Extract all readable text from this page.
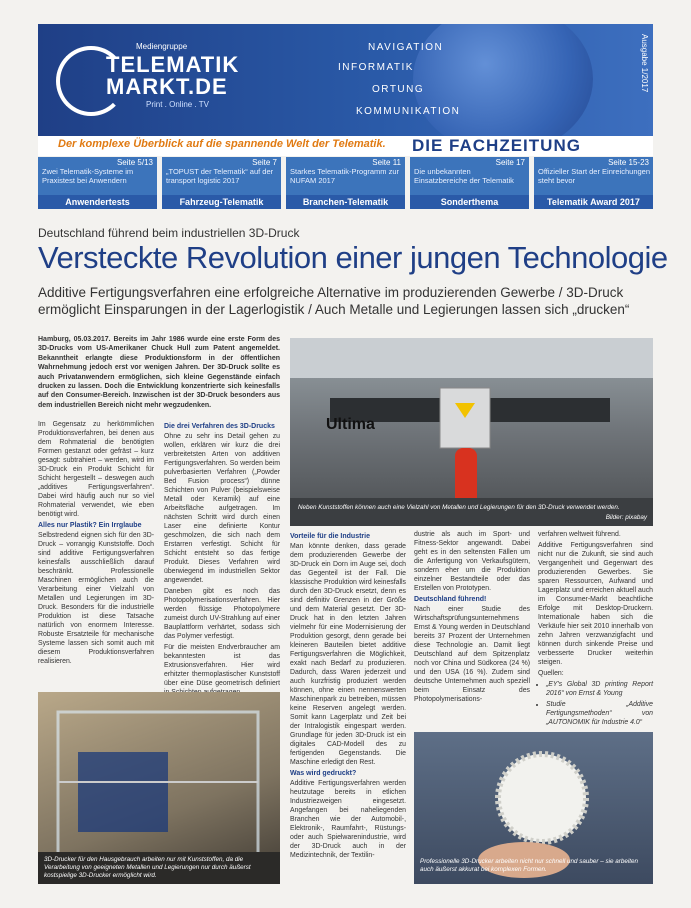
Mediengruppe
TELEMATIK
MARKT.DE
Print . Online . TV
NAVIGATION
INFORMATIK
ORTUNG
KOMMUNIKATION
Ausgabe 1/2017
Der komplexe Überblick auf die spannende Welt der Telematik. DIE FACHZEITUNG
Seite 5/13
Zwei Telematik-Systeme im Praxistest bei Anwendern
Anwendertests
Seite 7
„TOPUST der Telematik“ auf der transport logistic 2017
Fahrzeug-Telematik
Seite 11
Starkes Telematik-Programm zur NUFAM 2017
Branchen-Telematik
Seite 17
Die unbekannten Einsatzbereiche der Telematik
Sonderthema
Seite 15-23
Offizieller Start der Einreichungen steht bevor
Telematik Award 2017
Deutschland führend beim industriellen 3D-Druck
Versteckte Revolution einer jungen Technologie
Additive Fertigungsverfahren eine erfolgreiche Alternative im produzierenden Gewerbe / 3D-Druck ermöglicht Einsparungen in der Lagerlogistik / Auch Metalle und Legierungen lassen sich „drucken“
Hamburg, 05.03.2017. Bereits im Jahr 1986 wurde eine erste Form des 3D-Drucks vom US-Amerikaner Chuck Hull zum Patent angemeldet. Bekanntheit erlangte diese Produktionsform in der öffentlichen Wahrnehmung jedoch erst vor wenigen Jahren. Der 3D-Druck sollte es auch Privatanwendern ermöglichen, sich kleine Gegenstände einfach drucken zu lassen. Doch die Entwicklung konzentrierte sich keinesfalls auf den Consumer-Bereich. Inzwischen ist der 3D-Druck besonders aus dem industriellen Bereich nicht mehr wegzudenken.

Im Gegensatz zu herkömmlichen Produktionsverfahren, bei denen aus dem Rohmaterial die benötigten Formen gestanzt oder gefräst – kurz gesagt: subtrahiert – werden, wird im 3D-Druck ein Produkt Schicht für Schicht hergestellt – deswegen auch „additives Fertigungsverfahren“. Dabei wird häufig auch nur so viel Rohmaterial verwendet, wie eben benötigt wird.

Alles nur Plastik? Ein Irrglaube

Selbstredend eignen sich für den 3D-Druck – vorrangig Kunststoffe. Doch sind additive Fertigungsverfahren keinesfalls ausschließlich darauf beschränkt. Professionelle Maschinen ermöglichen auch die Verarbeitung einer Vielzahl von Metallen und Legierungen im 3D-Druck. Besonders für die industrielle Produktion ist diese Tatsache natürlich von enormem Interesse. Robuste Ersatzteile für mechanische Systeme lassen sich somit auch mit diesem Produktionsverfahren realisieren.

Die drei Verfahren des 3D-Drucks

Ohne zu sehr ins Detail gehen zu wollen, erklären wir kurz die drei verbreitetsten Arten von additiven Fertigungsverfahren. So werden beim pulverbasierten Verfahren („Powder Bed Fusion process“) dünne Schichten von Pulver (beispielsweise Metall oder Keramik) auf eine Arbeitsfläche aufgetragen. Im nächsten Schritt wird durch einen Laser eine definierte Kontur geschmolzen, die sich nach dem Erstarren verfestigt. Schicht für Schicht entsteht so das fertige Produkt. Dieses Verfahren wird überwiegend im industriellen Sektor angewendet.

Daneben gibt es noch das Photopolymerisationsverfahren. Hier werden flüssige Photopolymere zumeist durch UV-Strahlung auf einer Bauplattform verhärtet, sodass sich das Polymer verfestigt.

Für die meisten Endverbraucher am bekanntesten ist das Extrusionsverfahren. Hier wird erhitzter thermoplastischer Kunststoff über eine Düse geometrisch definiert

Ultima
Neben Kunststoffen können auch eine Vielzahl von Metallen und Legierungen für den 3D-Druck verwendet werden.
Bilder: pixabay
Vorteile für die Industrie

Man könnte denken, dass gerade dem produzierenden Gewerbe der 3D-Druck ein Dorn im Auge sei, doch das Gegenteil ist der Fall. Die klassische Produktion wird keinesfalls durch den 3D-Druck ersetzt, denn es sind definitiv Grenzen in der Größe und dem Material gesetzt. Der 3D-Druck hat in den letzten Jahren vielmehr für eine Modernisierung der Produktion gesorgt, denn gerade bei kleineren Bauteilen bietet additive Fertigungsverfahren die Möglichkeit, exakt nach Bedarf zu produzieren. Dadurch, dass Waren jederzeit und auch kurzfristig produziert werden können, ohne einen nennenswerten Maschinenpark zu betreiben, müssen keine Reserven angelegt werden. Somit kann Lagerplatz und Zeit bei der Intralogistik eingespart werden. Grundlage für jeden 3D-Druck ist ein digitales CAD-Modell des zu fertigenden Gegenstands. Die Maschine erledigt den Rest.

Was wird gedruckt?

Additive Fertigungsverfahren werden heutzutage bereits in etlichen Industriezweigen eingesetzt. Angefangen bei naheliegenden Branchen wie der Automobil-, Elektronik-, Raumfahrt-, Rüstungs- oder auch Spielwarenindustrie, wird der 3D-Druck auch in der Medizintechnik, der Textilin-

dustrie als auch im Sport- und Fitness-Sektor angewandt. Dabei geht es in den seltensten Fällen um die Anfertigung von Verkaufsgütern, sondern eher um die Produktion einzelner Bestandteile oder das Erstellen von Prototypen.

Deutschland führend!

Nach einer Studie des Wirtschaftsprüfungsunternehmens Ernst & Young werden in Deutschland bereits 37 Prozent der Unternehmen diese Technologie an. Damit liegt Deutschland auf dem Spitzenplatz noch vor China und Südkorea (24 %) und den USA (16 %). Zudem sind deutsche Unternehmen auch speziell beim Einsatz des Photopolymerisations-

verfahren weltweit führend.

Additive Fertigungsverfahren sind nicht nur die Zukunft, sie sind auch Vergangenheit und Gegenwart des produzierenden Gewerbes. Sie sparen Ressourcen, Aufwand und Lagerplatz und erreichen aktuell auch im Consumer-Markt beachtliche Erfolge mit Desktop-Druckern. Internationale haben sich die Verkäufe hier seit 2010 innerhalb von zehn Jahren verzwanzigfacht und können durch sinkende Preise und verbesserte Drucker weiterhin steigen.

Quellen:

• „EY's Global 3D printing Report 2016“ von Ernst & Young
• Studie „Additive Fertigungsmethoden“ von „AUTONOMIK für Industrie 4.0“
3D-Drucker für den Hausgebrauch arbeiten nur mit Kunststoffen, da die Verarbeitung von geeigneten Metallen und Legierungen nur durch äußerst kostspielige 3D-Drucker ermöglicht wird.
Professionelle 3D-Drucker arbeiten nicht nur schnell und sauber – sie arbeiten auch äußerst akkurat bei komplexen Formen.
